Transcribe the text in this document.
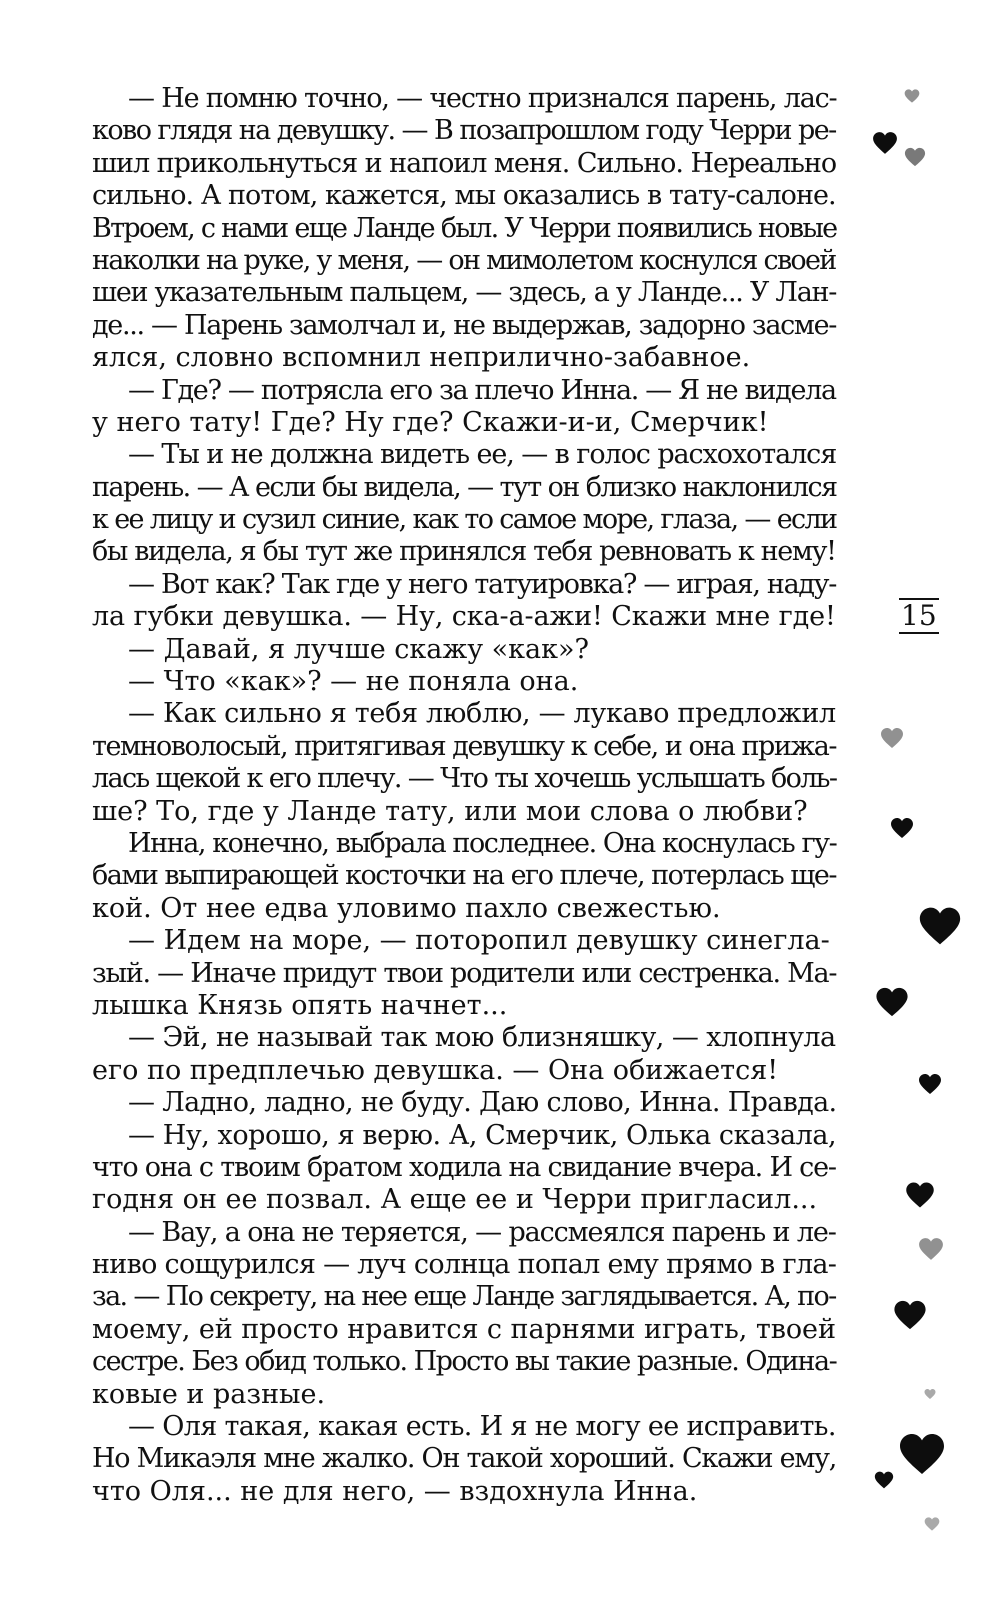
— Не помню точно, — честно признался парень, лас-
ково глядя на девушку. — В позапрошлом году Черри ре-
шил прикольнуться и напоил меня. Сильно. Нереально
сильно. А потом, кажется, мы оказались в тату-салоне.
Втроем, с нами еще Ланде был. У Черри появились новые
наколки на руке, у меня, — он мимолетом коснулся своей
шеи указательным пальцем, — здесь, а у Ланде... У Лан-
де... — Парень замолчал и, не выдержав, задорно засме-
ялся, словно вспомнил неприлично-забавное.
— Где? — потрясла его за плечо Инна. — Я не видела
у него тату! Где? Ну где? Скажи-и-и, Смерчик!
— Ты и не должна видеть ее, — в голос расхохотался
парень. — А если бы видела, — тут он близко наклонился
к ее лицу и сузил синие, как то самое море, глаза, — если
бы видела, я бы тут же принялся тебя ревновать к нему!
— Вот как? Так где у него татуировка? — играя, наду-
ла губки девушка. — Ну, ска-а-ажи! Скажи мне где!
— Давай, я лучше скажу «как»?
— Что «как»? — не поняла она.
— Как сильно я тебя люблю, — лукаво предложил
темноволосый, притягивая девушку к себе, и она прижа-
лась щекой к его плечу. — Что ты хочешь услышать боль-
ше? То, где у Ланде тату, или мои слова о любви?
Инна, конечно, выбрала последнее. Она коснулась гу-
бами выпирающей косточки на его плече, потерлась ще-
кой. От нее едва уловимо пахло свежестью.
— Идем на море, — поторопил девушку синегла-
зый. — Иначе придут твои родители или сестренка. Ма-
лышка Князь опять начнет...
— Эй, не называй так мою близняшку, — хлопнула
его по предплечью девушка. — Она обижается!
— Ладно, ладно, не буду. Даю слово, Инна. Правда.
— Ну, хорошо, я верю. А, Смерчик, Олька сказала,
что она с твоим братом ходила на свидание вчера. И се-
годня он ее позвал. А еще ее и Черри пригласил...
— Вау, а она не теряется, — рассмеялся парень и ле-
ниво сощурился — луч солнца попал ему прямо в гла-
за. — По секрету, на нее еще Ланде заглядывается. А, по-
моему, ей просто нравится с парнями играть, твоей
сестре. Без обид только. Просто вы такие разные. Одина-
ковые и разные.
— Оля такая, какая есть. И я не могу ее исправить.
Но Микаэля мне жалко. Он такой хороший. Скажи ему,
что Оля... не для него, — вздохнула Инна.
15
